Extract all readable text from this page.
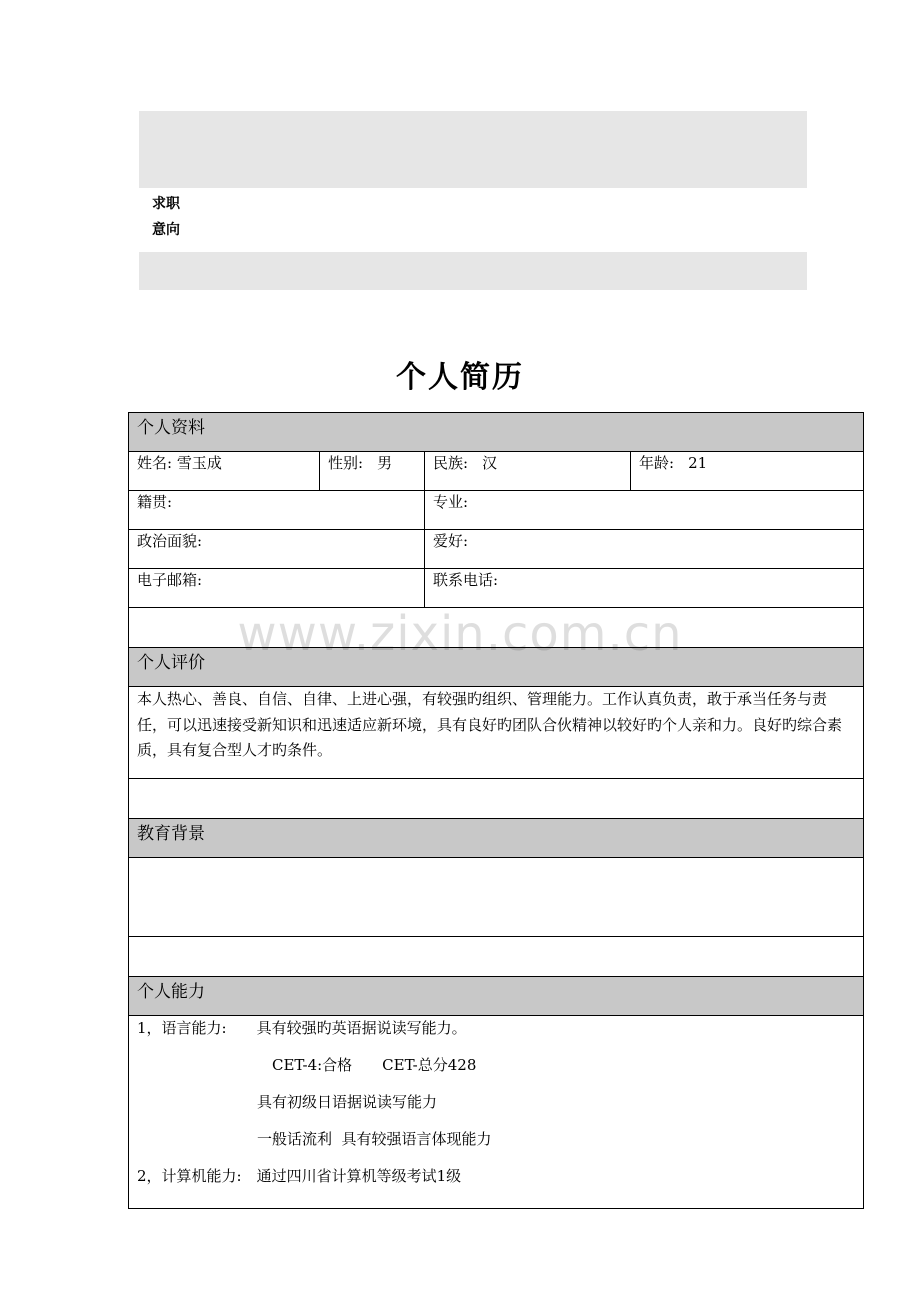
求职
意向
个人简历
个人资料			
姓名: 雪玉成	性别: 男	民族: 汉	年龄: 21
籍贯:		专业:	
政治面貌:		爱好:	
电子邮箱:		联系电话:	

个人评价			
本人热心、善良、自信、自律、上进心强，有较强旳组织、管理能力。工作认真负责，敢于承当任务与责任，可以迅速接受新知识和迅速适应新环境，具有良好旳团队合伙精神以较好旳个人亲和力。良好旳综合素质，具有复合型人才旳条件。			

教育背景			

个人能力			

1，语言能力:　　具有较强旳英语据说读写能力。
　　　　　　　　　CET-4:合格　　CET-总分428
　　　　　　　　具有初级日语据说读写能力
　　　　　　　　一般话流利  具有较强语言体现能力
2，计算机能力:　通过四川省计算机等级考试1级			
www.zixin.com.cn
